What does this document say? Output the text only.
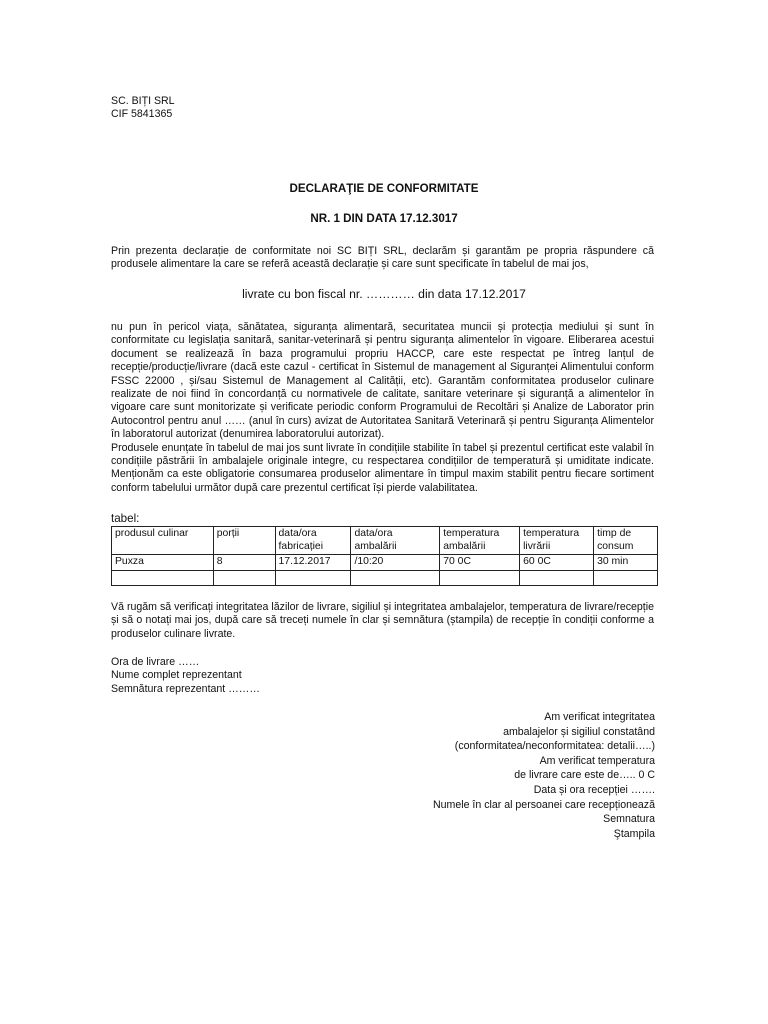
SC. BIȚI SRL
CIF 5841365
DECLARAŢIE DE CONFORMITATE
NR. 1 DIN DATA 17.12.3017

Prin prezenta declarație de conformitate noi SC BIȚI SRL, declarăm și garantăm pe propria răspundere că produsele alimentare la care se referă această declarație și care sunt specificate în tabelul de mai jos,

livrate cu bon fiscal nr. ………… din data 17.12.2017

nu pun în pericol viața, sănătatea, siguranța alimentară, securitatea muncii și protecția mediului și sunt în conformitate cu legislația sanitară, sanitar-veterinară și pentru siguranța alimentelor în vigoare. Eliberarea acestui document se realizează în baza programului propriu HACCP, care este respectat pe întreg lanțul de recepție/producție/livrare (dacă este cazul - certificat în Sistemul de management al Siguranței Alimentului conform FSSC 22000 , și/sau Sistemul de Management al Calității, etc). Garantăm conformitatea produselor culinare realizate de noi fiind în concordanță cu normativele de calitate, sanitare veterinare și siguranță a alimentelor în vigoare care sunt monitorizate și verificate periodic conform Programului de Recoltări și Analize de Laborator prin Autocontrol pentru anul …… (anul în curs) avizat de Autoritatea Sanitară Veterinară și pentru Siguranța Alimentelor în laboratorul autorizat (denumirea laboratorului autorizat).

Produsele enunțate în tabelul de mai jos sunt livrate în condițiile stabilite în tabel și prezentul certificat este valabil în condițiile păstrării în ambalajele originale integre, cu respectarea condițiilor de temperatură și umiditate indicate. Menționăm ca este obligatorie consumarea produselor alimentare în timpul maxim stabilit pentru fiecare sortiment conform tabelului următor după care prezentul certificat își pierde valabilitatea.

tabel:
produsul culinar	porții	data/ora fabricației	data/ora ambalării	temperatura ambalării	temperatura livrării	timp de consum
Puxza	8	17.12.2017	/10:20	70 0C	60 0C	30 min

Vă rugăm să verificați integritatea lăzilor de livrare, sigiliul și integritatea ambalajelor, temperatura de livrare/recepție și să o notați mai jos, după care să treceți numele în clar și semnătura (ștampila) de recepție în condiții conforme a produselor culinare livrate.

Ora de livrare ……
Nume complet reprezentant
Semnătura reprezentant ………
Am verificat integritatea
ambalajelor și sigiliul constatând
(conformitatea/neconformitatea: detalii…..)
Am verificat temperatura
de livrare care este de….. 0 C
Data și ora recepției …….
Numele în clar al persoanei care recepționează
Semnatura
Ştampila
